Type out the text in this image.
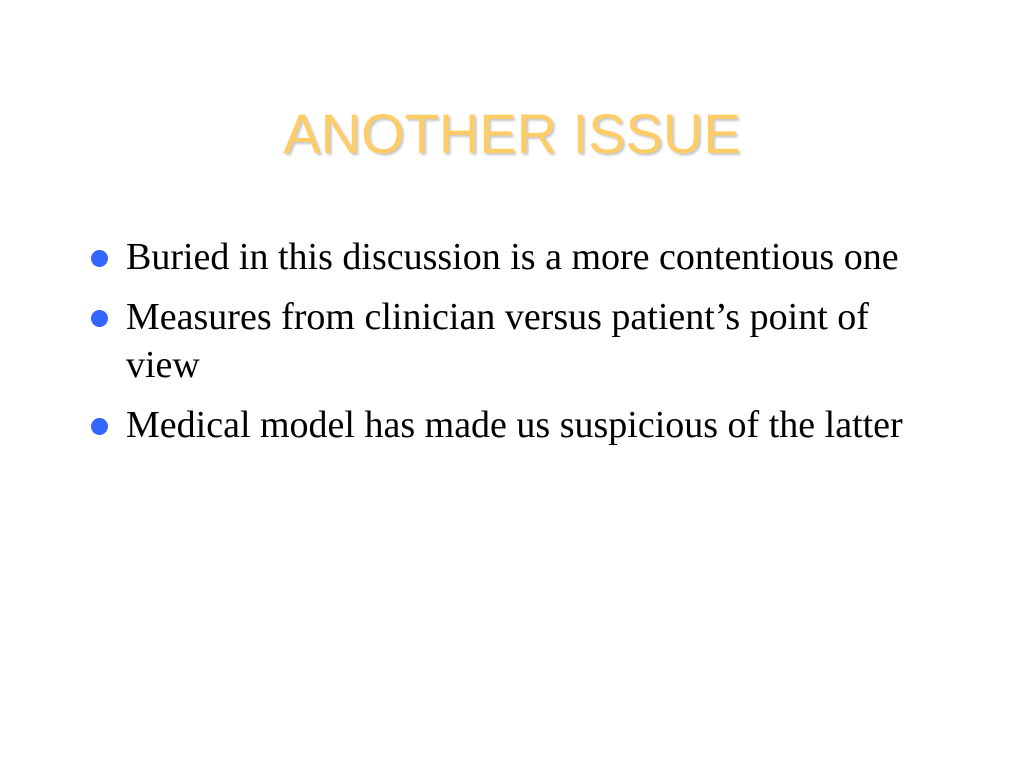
ANOTHER ISSUE
Buried in this discussion is a more contentious one
Measures from clinician versus patient’s point of view
Medical model has made us suspicious of the latter
